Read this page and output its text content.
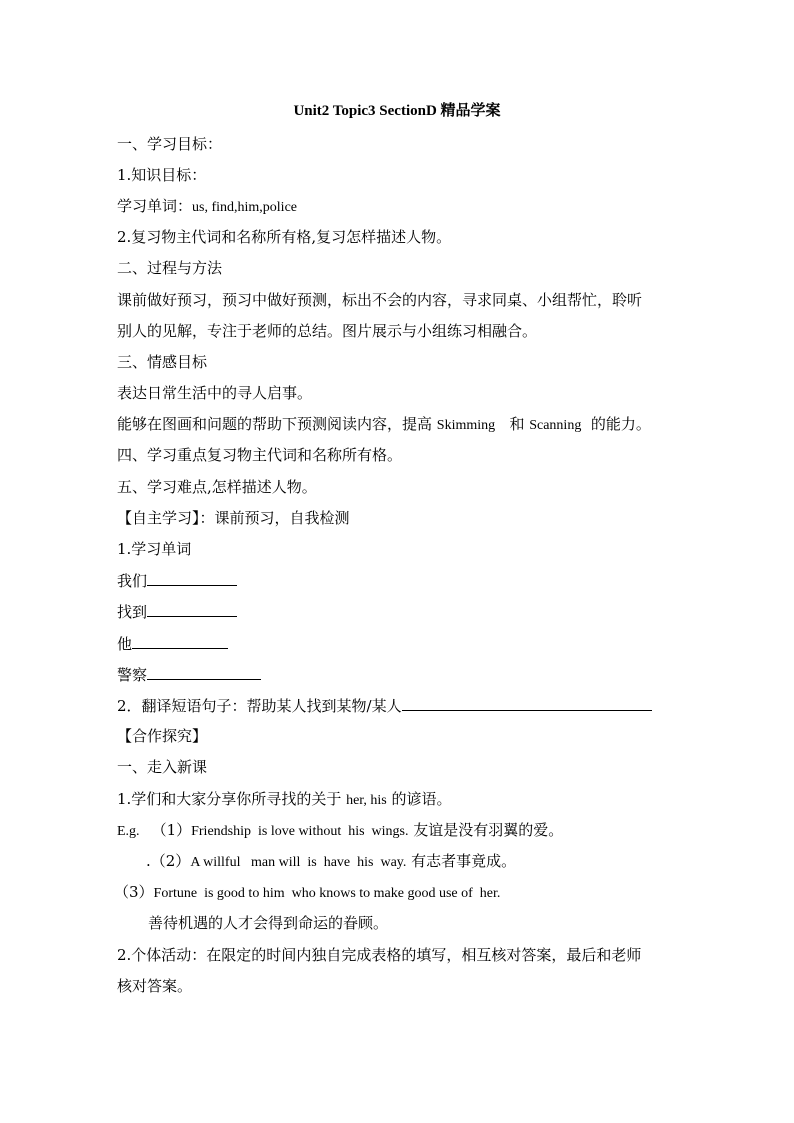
Unit2 Topic3 SectionD 精品学案
一、学习目标：
1.知识目标：
学习单词：us, find,him,police
2.复习物主代词和名称所有格,复习怎样描述人物。
二、过程与方法
课前做好预习，预习中做好预测，标出不会的内容，寻求同桌、小组帮忙，聆听
别人的见解，专注于老师的总结。图片展示与小组练习相融合。
三、情感目标
表达日常生活中的寻人启事。
能够在图画和问题的帮助下预测阅读内容，提高 Skimming   和 Scanning  的能力。
四、学习重点复习物主代词和名称所有格。
五、学习难点,怎样描述人物。
【自主学习】：课前预习，自我检测
1.学习单词
我们
找到
他
警察
2．翻译短语句子：帮助某人找到某物/某人
【合作探究】
一、走入新课
1.学们和大家分享你所寻找的关于 her, his 的谚语。
E.g. （1）Friendship  is love without  his  wings. 友谊是没有羽翼的爱。
.（2）A willful   man will  is  have  his  way. 有志者事竟成。
（3）Fortune  is good to him  who knows to make good use of  her.
善待机遇的人才会得到命运的眷顾。
2.个体活动：在限定的时间内独自完成表格的填写，相互核对答案，最后和老师
核对答案。
